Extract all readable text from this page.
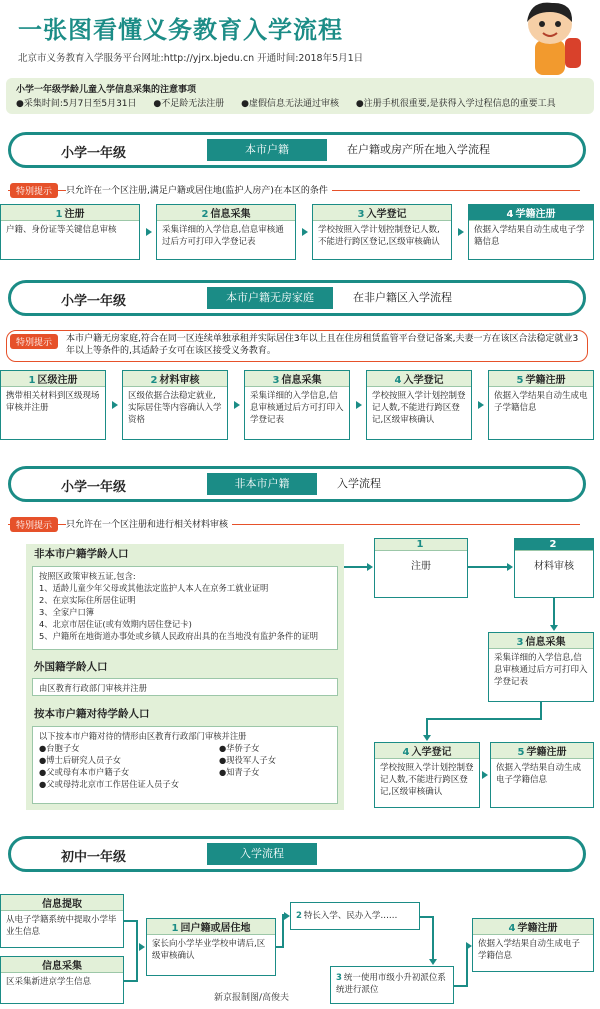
一张图看懂义务教育入学流程
北京市义务教育入学服务平台网址:http://yjrx.bjedu.cn 开通时间:2018年5月1日
小学一年级学龄儿童入学信息采集的注意事项
●采集时间:5月7日至5月31日 ●不足龄无法注册 ●虚假信息无法通过审核 ●注册手机很重要,是获得入学过程信息的重要工具
小学一年级	本市户籍	在户籍或房产所在地入学流程
特别提示	只允许在一个区注册,满足户籍或居住地(监护人房产)在本区的条件
1 注册
户籍、身份证等关键信息审核
2 信息采集
采集详细的入学信息,信息审核通过后方可打印入学登记表
3 入学登记
学校按照入学计划控制登记人数,不能进行跨区登记,区级审核确认
4 学籍注册
依据入学结果自动生成电子学籍信息
小学一年级	本市户籍无房家庭	在非户籍区入学流程
特别提示	本市户籍无房家庭,符合在同一区连续单独承租并实际居住3年以上且在住房租赁监管平台登记备案,夫妻一方在该区合法稳定就业3年以上等条件的,其适龄子女可在该区接受义务教育。
1 区级注册
携带相关材料到区级现场审核并注册
2 材料审核
区级依据合法稳定就业,实际居住等内容确认入学资格
3 信息采集
采集详细的入学信息,信息审核通过后方可打印入学登记表
4 入学登记
学校按照入学计划控制登记人数,不能进行跨区登记,区级审核确认
5 学籍注册
依据入学结果自动生成电子学籍信息
小学一年级	非本市户籍	入学流程
特别提示	只允许在一个区注册和进行相关材料审核
非本市户籍学龄人口
按照区政策审核五证,包含:
1、适龄儿童少年父母或其他法定监护人本人在京务工就业证明
2、在京实际住所居住证明
3、全家户口簿
4、北京市居住证(或有效期内居住登记卡)
5、户籍所在地街道办事处或乡镇人民政府出具的在当地没有监护条件的证明
外国籍学龄人口
由区教育行政部门审核并注册
按本市户籍对待学龄人口
以下按本市户籍对待的情形由区教育行政部门审核并注册
●台胞子女
●博士后研究人员子女
●父或母有本市户籍子女
●父或母持北京市工作居住证人员子女
●华侨子女
●现役军人子女
●知青子女
1
注册
2
材料审核
3 信息采集
采集详细的入学信息,信息审核通过后方可打印入学登记表
4 入学登记
学校按照入学计划控制登记人数,不能进行跨区登记,区级审核确认
5 学籍注册
依据入学结果自动生成电子学籍信息
初中一年级	入学流程
信息提取
从电子学籍系统中提取小学毕业生信息
信息采集
区采集新进京学生信息
1 回户籍或居住地
家长向小学毕业学校申请后,区级审核确认
2 特长入学、民办入学……
3 统一使用市级小升初派位系统进行派位
4 学籍注册
依据入学结果自动生成电子学籍信息
新京报制图/高俊夫
